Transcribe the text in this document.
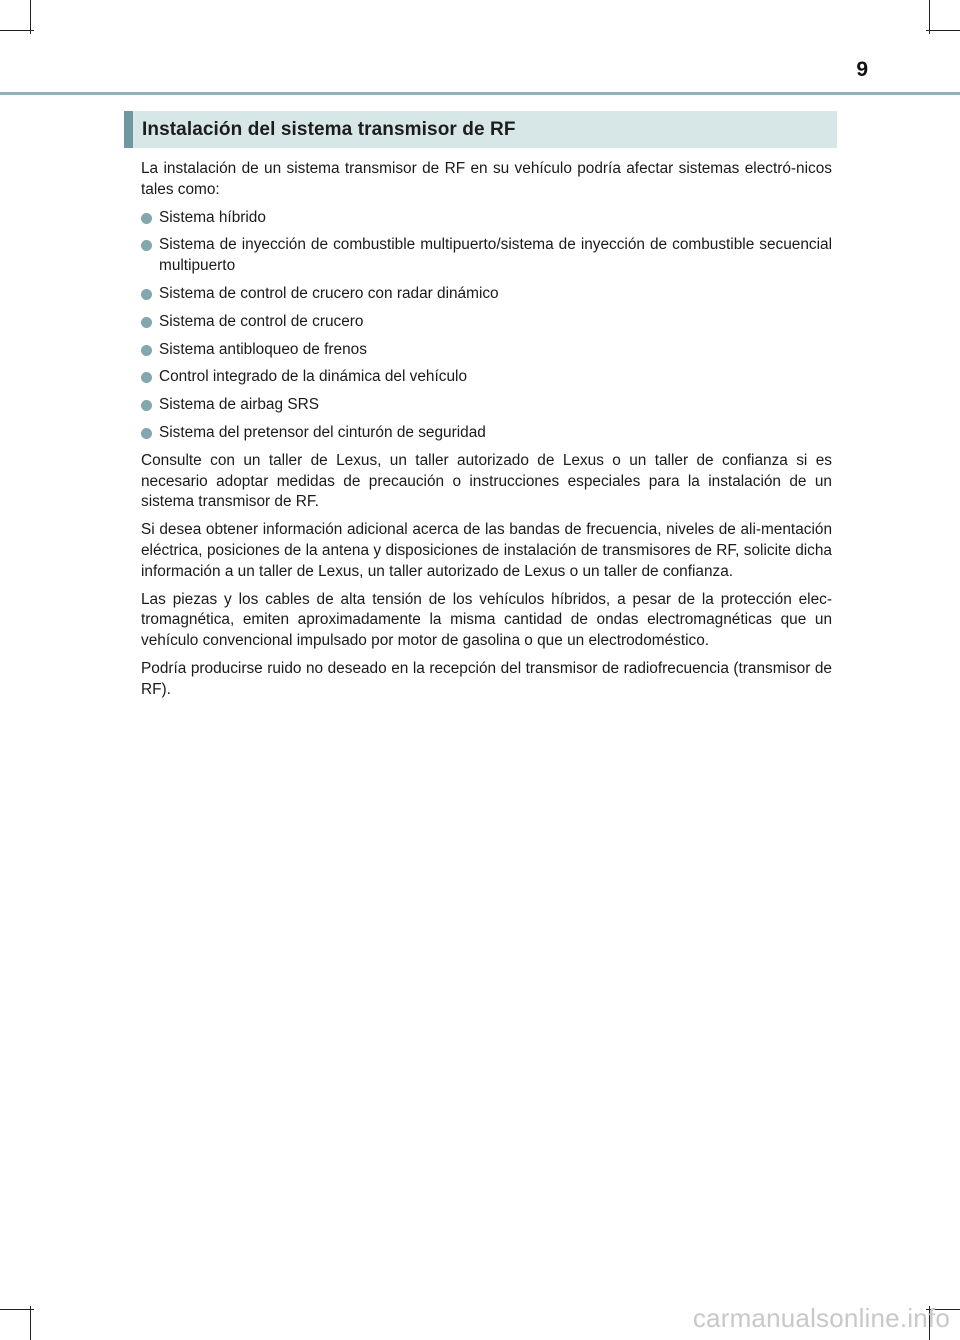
9
Instalación del sistema transmisor de RF

La instalación de un sistema transmisor de RF en su vehículo podría afectar sistemas electró-nicos tales como:

Sistema híbrido
Sistema de inyección de combustible multipuerto/sistema de inyección de combustible secuencial multipuerto
Sistema de control de crucero con radar dinámico
Sistema de control de crucero
Sistema antibloqueo de frenos
Control integrado de la dinámica del vehículo
Sistema de airbag SRS
Sistema del pretensor del cinturón de seguridad

Consulte con un taller de Lexus, un taller autorizado de Lexus o un taller de confianza si es necesario adoptar medidas de precaución o instrucciones especiales para la instalación de un sistema transmisor de RF.

Si desea obtener información adicional acerca de las bandas de frecuencia, niveles de ali-mentación eléctrica, posiciones de la antena y disposiciones de instalación de transmisores de RF, solicite dicha información a un taller de Lexus, un taller autorizado de Lexus o un taller de confianza.

Las piezas y los cables de alta tensión de los vehículos híbridos, a pesar de la protección elec-tromagnética, emiten aproximadamente la misma cantidad de ondas electromagnéticas que un vehículo convencional impulsado por motor de gasolina o que un electrodoméstico.

Podría producirse ruido no deseado en la recepción del transmisor de radiofrecuencia (transmisor de RF).

carmanualsonline.info
